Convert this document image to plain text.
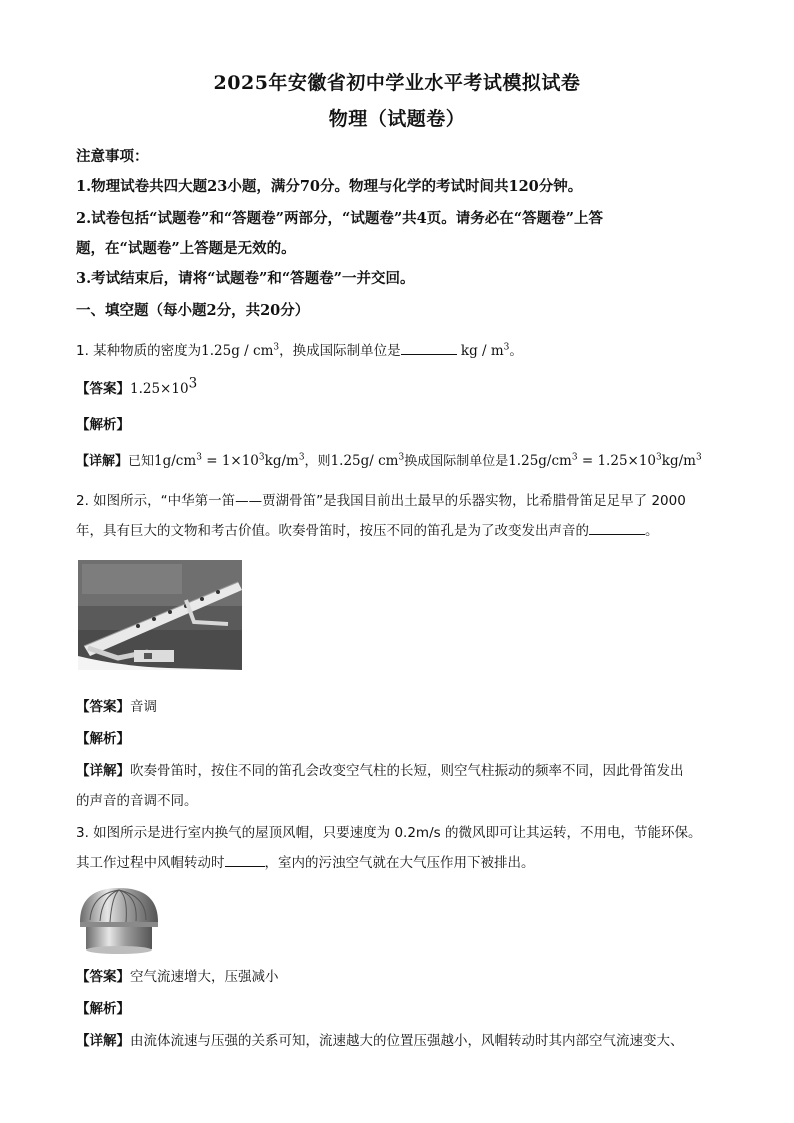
2025年安徽省初中学业水平考试模拟试卷
物理（试题卷）
注意事项：
1.物理试卷共四大题23小题，满分70分。物理与化学的考试时间共120分钟。
2.试卷包括“试题卷”和“答题卷”两部分，“试题卷”共4页。请务必在“答题卷”上答
题，在“试题卷”上答题是无效的。
3.考试结束后，请将“试题卷”和“答题卷”一并交回。
一、填空题（每小题2分，共20分）
1. 某种物质的密度为$1.25g / cm^3$，换成国际制单位是	kg / $m^3$。
【答案】$1.25\times 10^3$
【解析】
【详解】已知$1g/cm^3 = 1\times 10^3kg/m^3$，则1.25g/ $cm^3$换成国际制单位是$1.25g/cm^3 = 1.25\times 10^3kg/m^3$
2. 如图所示，“中华第一笛——贾湖骨笛”是我国目前出土最早的乐器实物，比希腊骨笛足足早了 2000
年，具有巨大的文物和考古价值。吹奏骨笛时，按压不同的笛孔是为了改变发出声音的	。
【答案】音调
【解析】
【详解】吹奏骨笛时，按住不同的笛孔会改变空气柱的长短，则空气柱振动的频率不同，因此骨笛发出
的声音的音调不同。
3. 如图所示是进行室内换气的屋顶风帽，只要速度为 0.2m/s 的微风即可让其运转，不用电，节能环保。
其工作过程中风帽转动时	，室内的污浊空气就在大气压作用下被排出。
【答案】空气流速增大，压强减小
【解析】
【详解】由流体流速与压强的关系可知，流速越大的位置压强越小，风帽转动时其内部空气流速变大、
